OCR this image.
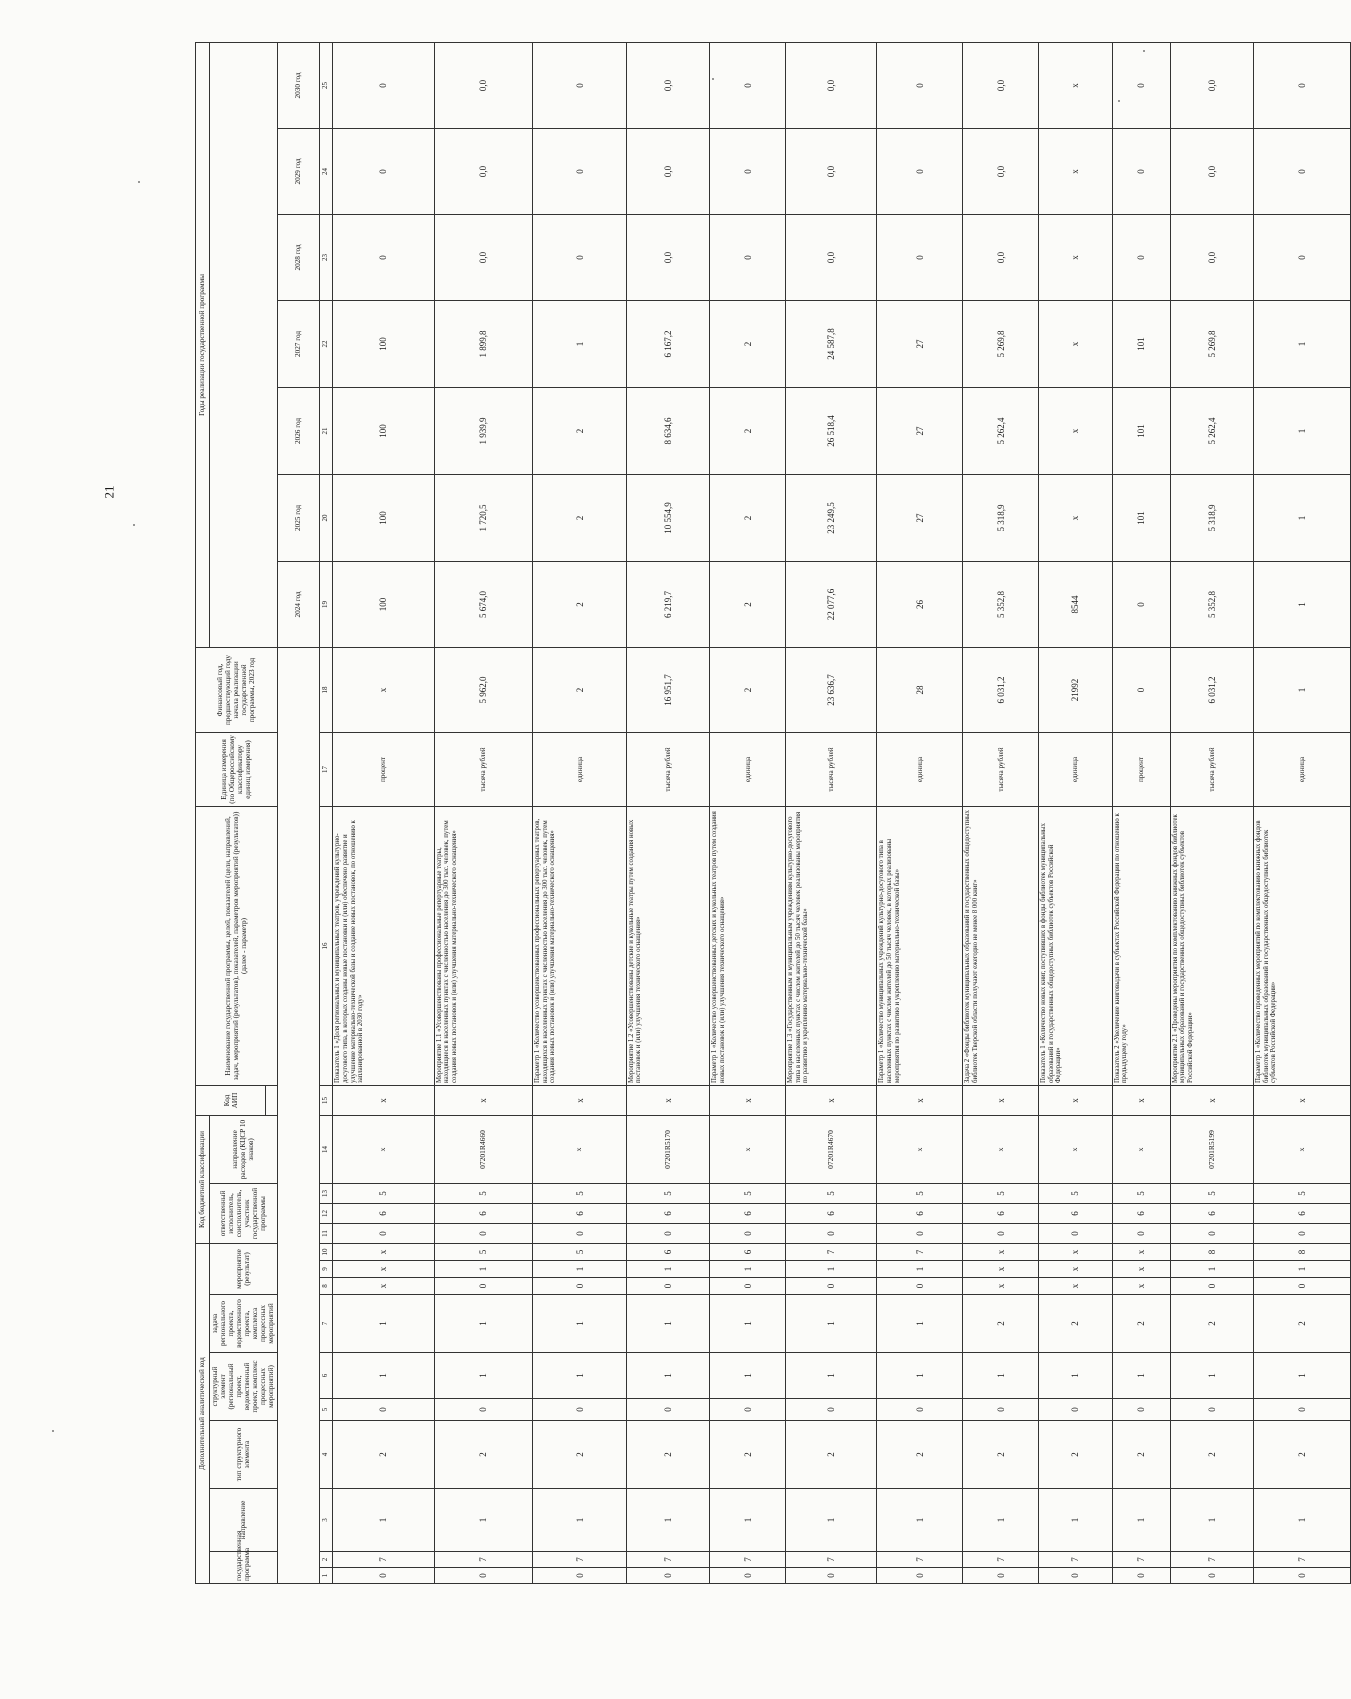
21
Дополнительный аналитический код										Код бюджетной классификации				Код АИП	Наименование государственной программы, целей, показателей (цели, направлений, задач, мероприятий (результатов), показателей, параметров мероприятий (результатов)) (далее - параметр)	Единица измерения (по Общероссийскому классификатору единиц измерения)	Финансовый год, предшествующий году начала реализации государственной программы, 2023 год	Годы реализации государственной программы						
государственная программа		направление	тип структурного элемента	структурный элемент (региональный проект, ведомственный проект, комплекс процессных мероприятий)		задача регионального проекта, ведомственного проекта, комплекса процессных мероприятий	мероприятие (результат)			ответственный исполнитель, соисполнитель, участник государственной программы			направление расходов (КЦСР 10 знаков)											

																		2024 год	2025 год	2026 год	2027 год	2028 год	2029 год	2030 год
1	2	3	4	5	6	7	8	9	10	11	12	13	14	15	16	17	18	19	20	21	22	23	24	25
0	7	1	2	0	1	1	х	х	х	0	6	5	х	х	Показатель 1 «Доля региональных и муниципальных театров, учреждений культурно-досугового типа, в которых созданы новые постановки и (или) обеспечено развитие и улучшение материально-технической базы и создание новых постановок, по отношению к запланированной в 2030 году»	процент	х	100	100	100	100	0	0	0
0	7	1	2	0	1	1	0	1	5	0	6	5	07201R4660	х	Мероприятие 1.1 «Усовершенствованы профессиональные репертуарные театры, находящиеся в населенных пунктах с численностью населения до 300 тыс. человек, путем создания новых постановок и (или) улучшения материально-технического оснащения»	тысяча рублей	5 962,0	5 674,0	1 720,5	1 939,9	1 899,8	0,0	0,0	0,0
0	7	1	2	0	1	1	0	1	5	0	6	5	х	х	Параметр 1 «Количество усовершенствованных профессиональных репертуарных театров, находящихся в населенных пунктах с численностью населения до 300 тыс. человек, путем создания новых постановок и (или) улучшения материально-технического оснащения»	единица	2	2	2	2	1	0	0	0
0	7	1	2	0	1	1	0	1	6	0	6	5	07201R5170	х	Мероприятие 1.2 «Усовершенствованы детские и кукольные театры путем создания новых постановок и (или) улучшения технического оснащения»	тысяча рублей	16 951,7	6 219,7	10 554,9	8 634,6	6 167,2	0,0	0,0	0,0
0	7	1	2	0	1	1	0	1	6	0	6	5	х	х	Параметр 1 «Количество усовершенствованных детских и кукольных театров путем создания новых постановок и (или) улучшения технического оснащения»	единица	2	2	2	2	2	0	0	0
0	7	1	2	0	1	1	0	1	7	0	6	5	07201R4670	х	Мероприятие 1.3 «Государственным и муниципальным учреждениям культурно-досугового типа в населенных пунктах с числом жителей до 50 тысяч человек реализованы мероприятия по развитию и укреплению материально-технической базы»	тысяча рублей	23 636,7	22 077,6	23 249,5	26 518,4	24 587,8	0,0	0,0	0,0
0	7	1	2	0	1	1	0	1	7	0	6	5	х	х	Параметр 1 «Количество муниципальных учреждений культурно-досугового типа в населенных пунктах с числом жителей до 50 тысяч человек, в которых реализованы мероприятия по развитию и укреплению материально-технической базы»	единица	28	26	27	27	27	0	0	0
0	7	1	2	0	1	2	х	х	х	0	6	5	х	х	Задача 2 «Фонды библиотек муниципальных образований и государственных общедоступных библиотек Тверской области получают ежегодно не менее 8 000 книг»	тысяча рублей	6 031,2	5 352,8	5 318,9	5 262,4	5 269,8	0,0	0,0	0,0
0	7	1	2	0	1	2	х	х	х	0	6	5	х	х	Показатель 1 «Количество новых книг, поступивших в фонды библиотек муниципальных образований и государственных общедоступных библиотек субъектов Российской Федерации»	единица	21992	8544	х	х	х	х	х	х
0	7	1	2	0	1	2	х	х	х	0	6	5	х	х	Показатель 2 «Увеличение книговыдачи в субъектах Российской Федерации по отношению к предыдущему году»	процент	0	0	101	101	101	0	0	0
0	7	1	2	0	1	2	0	1	8	0	6	5	07201R5199	х	Мероприятие 2.1 «Проведены мероприятия по комплектованию книжных фондов библиотек муниципальных образований и государственных общедоступных библиотек субъектов Российской Федерации»	тысяча рублей	6 031,2	5 352,8	5 318,9	5 262,4	5 269,8	0,0	0,0	0,0
0	7	1	2	0	1	2	0	1	8	0	6	5	х	х	Параметр 1 «Количество проведенных мероприятий по комплектованию книжных фондов библиотек муниципальных образований и государственных общедоступных библиотек субъектов Российской Федерации»	единица	1	1	1	1	1	0	0	0
